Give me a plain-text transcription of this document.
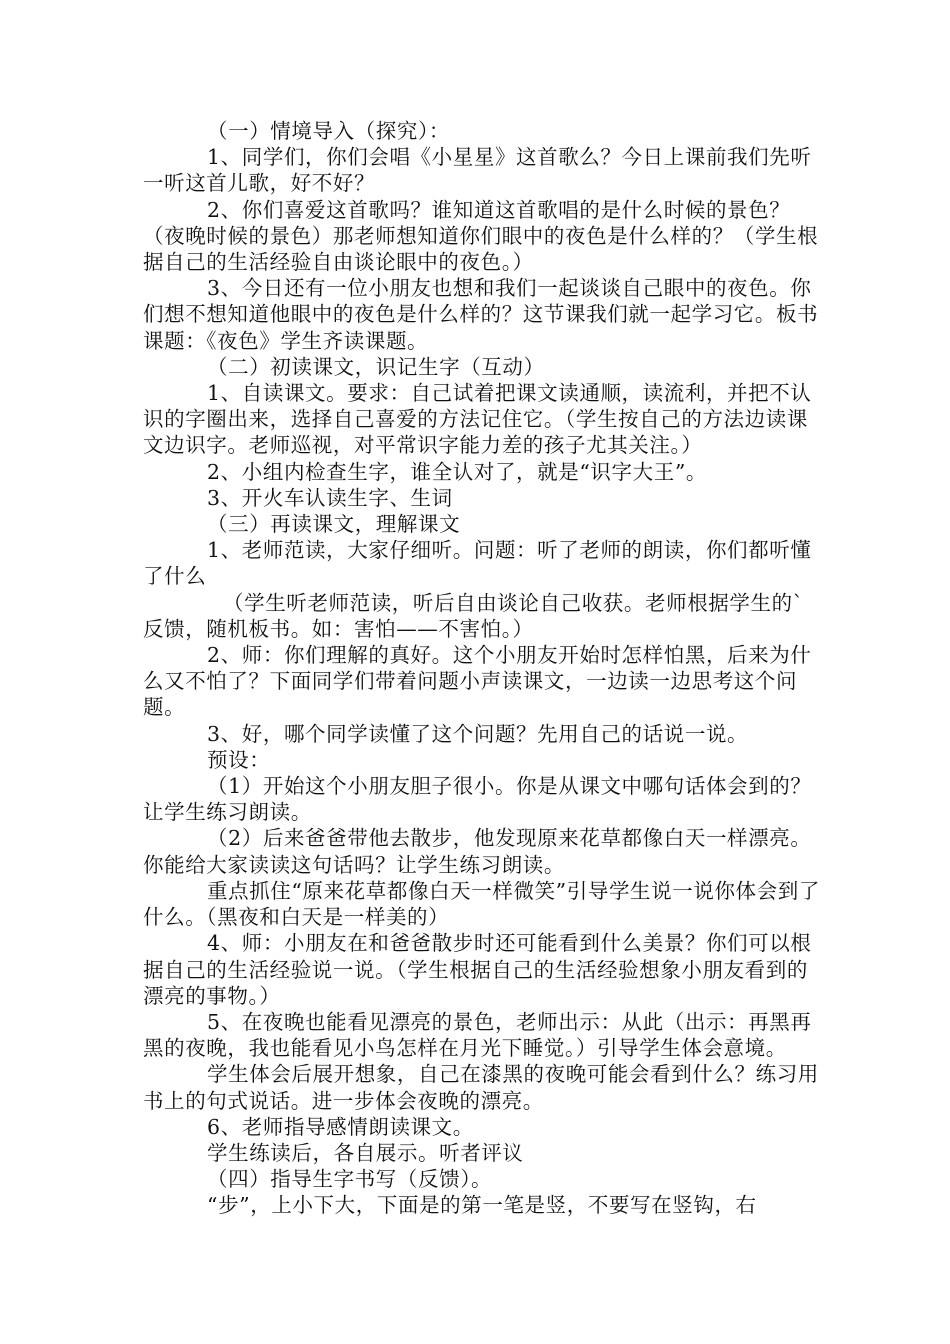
（一）情境导入（探究）：

1、同学们，你们会唱《小星星》这首歌么？今日上课前我们先听一听这首儿歌，好不好？

2、你们喜爱这首歌吗？谁知道这首歌唱的是什么时候的景色？（夜晚时候的景色）那老师想知道你们眼中的夜色是什么样的？（学生根据自己的生活经验自由谈论眼中的夜色。）

3、今日还有一位小朋友也想和我们一起谈谈自己眼中的夜色。你们想不想知道他眼中的夜色是什么样的？这节课我们就一起学习它。板书课题：《夜色》学生齐读课题。

（二）初读课文，识记生字（互动）

1、自读课文。要求：自己试着把课文读通顺，读流利，并把不认识的字圈出来，选择自己喜爱的方法记住它。（学生按自己的方法边读课文边识字。老师巡视，对平常识字能力差的孩子尤其关注。）

2、小组内检查生字，谁全认对了，就是“识字大王”。

3、开火车认读生字、生词

（三）再读课文，理解课文

1、老师范读，大家仔细听。问题：听了老师的朗读，你们都听懂了什么

（学生听老师范读，听后自由谈论自己收获。老师根据学生的`反馈，随机板书。如：害怕——不害怕。）

2、师：你们理解的真好。这个小朋友开始时怎样怕黑，后来为什么又不怕了？下面同学们带着问题小声读课文，一边读一边思考这个问题。

3、好，哪个同学读懂了这个问题？先用自己的话说一说。

预设：

（1）开始这个小朋友胆子很小。你是从课文中哪句话体会到的？让学生练习朗读。

（2）后来爸爸带他去散步，他发现原来花草都像白天一样漂亮。你能给大家读读这句话吗？让学生练习朗读。

重点抓住“原来花草都像白天一样微笑”引导学生说一说你体会到了什么。（黑夜和白天是一样美的）

4、师：小朋友在和爸爸散步时还可能看到什么美景？你们可以根据自己的生活经验说一说。（学生根据自己的生活经验想象小朋友看到的漂亮的事物。）

5、在夜晚也能看见漂亮的景色，老师出示：从此（出示：再黑再黑的夜晚，我也能看见小鸟怎样在月光下睡觉。）引导学生体会意境。

学生体会后展开想象，自己在漆黑的夜晚可能会看到什么？练习用书上的句式说话。进一步体会夜晚的漂亮。

6、老师指导感情朗读课文。

学生练读后，各自展示。听者评议

（四）指导生字书写（反馈）。

“步”，上小下大，下面是的第一笔是竖，不要写在竖钩，右
